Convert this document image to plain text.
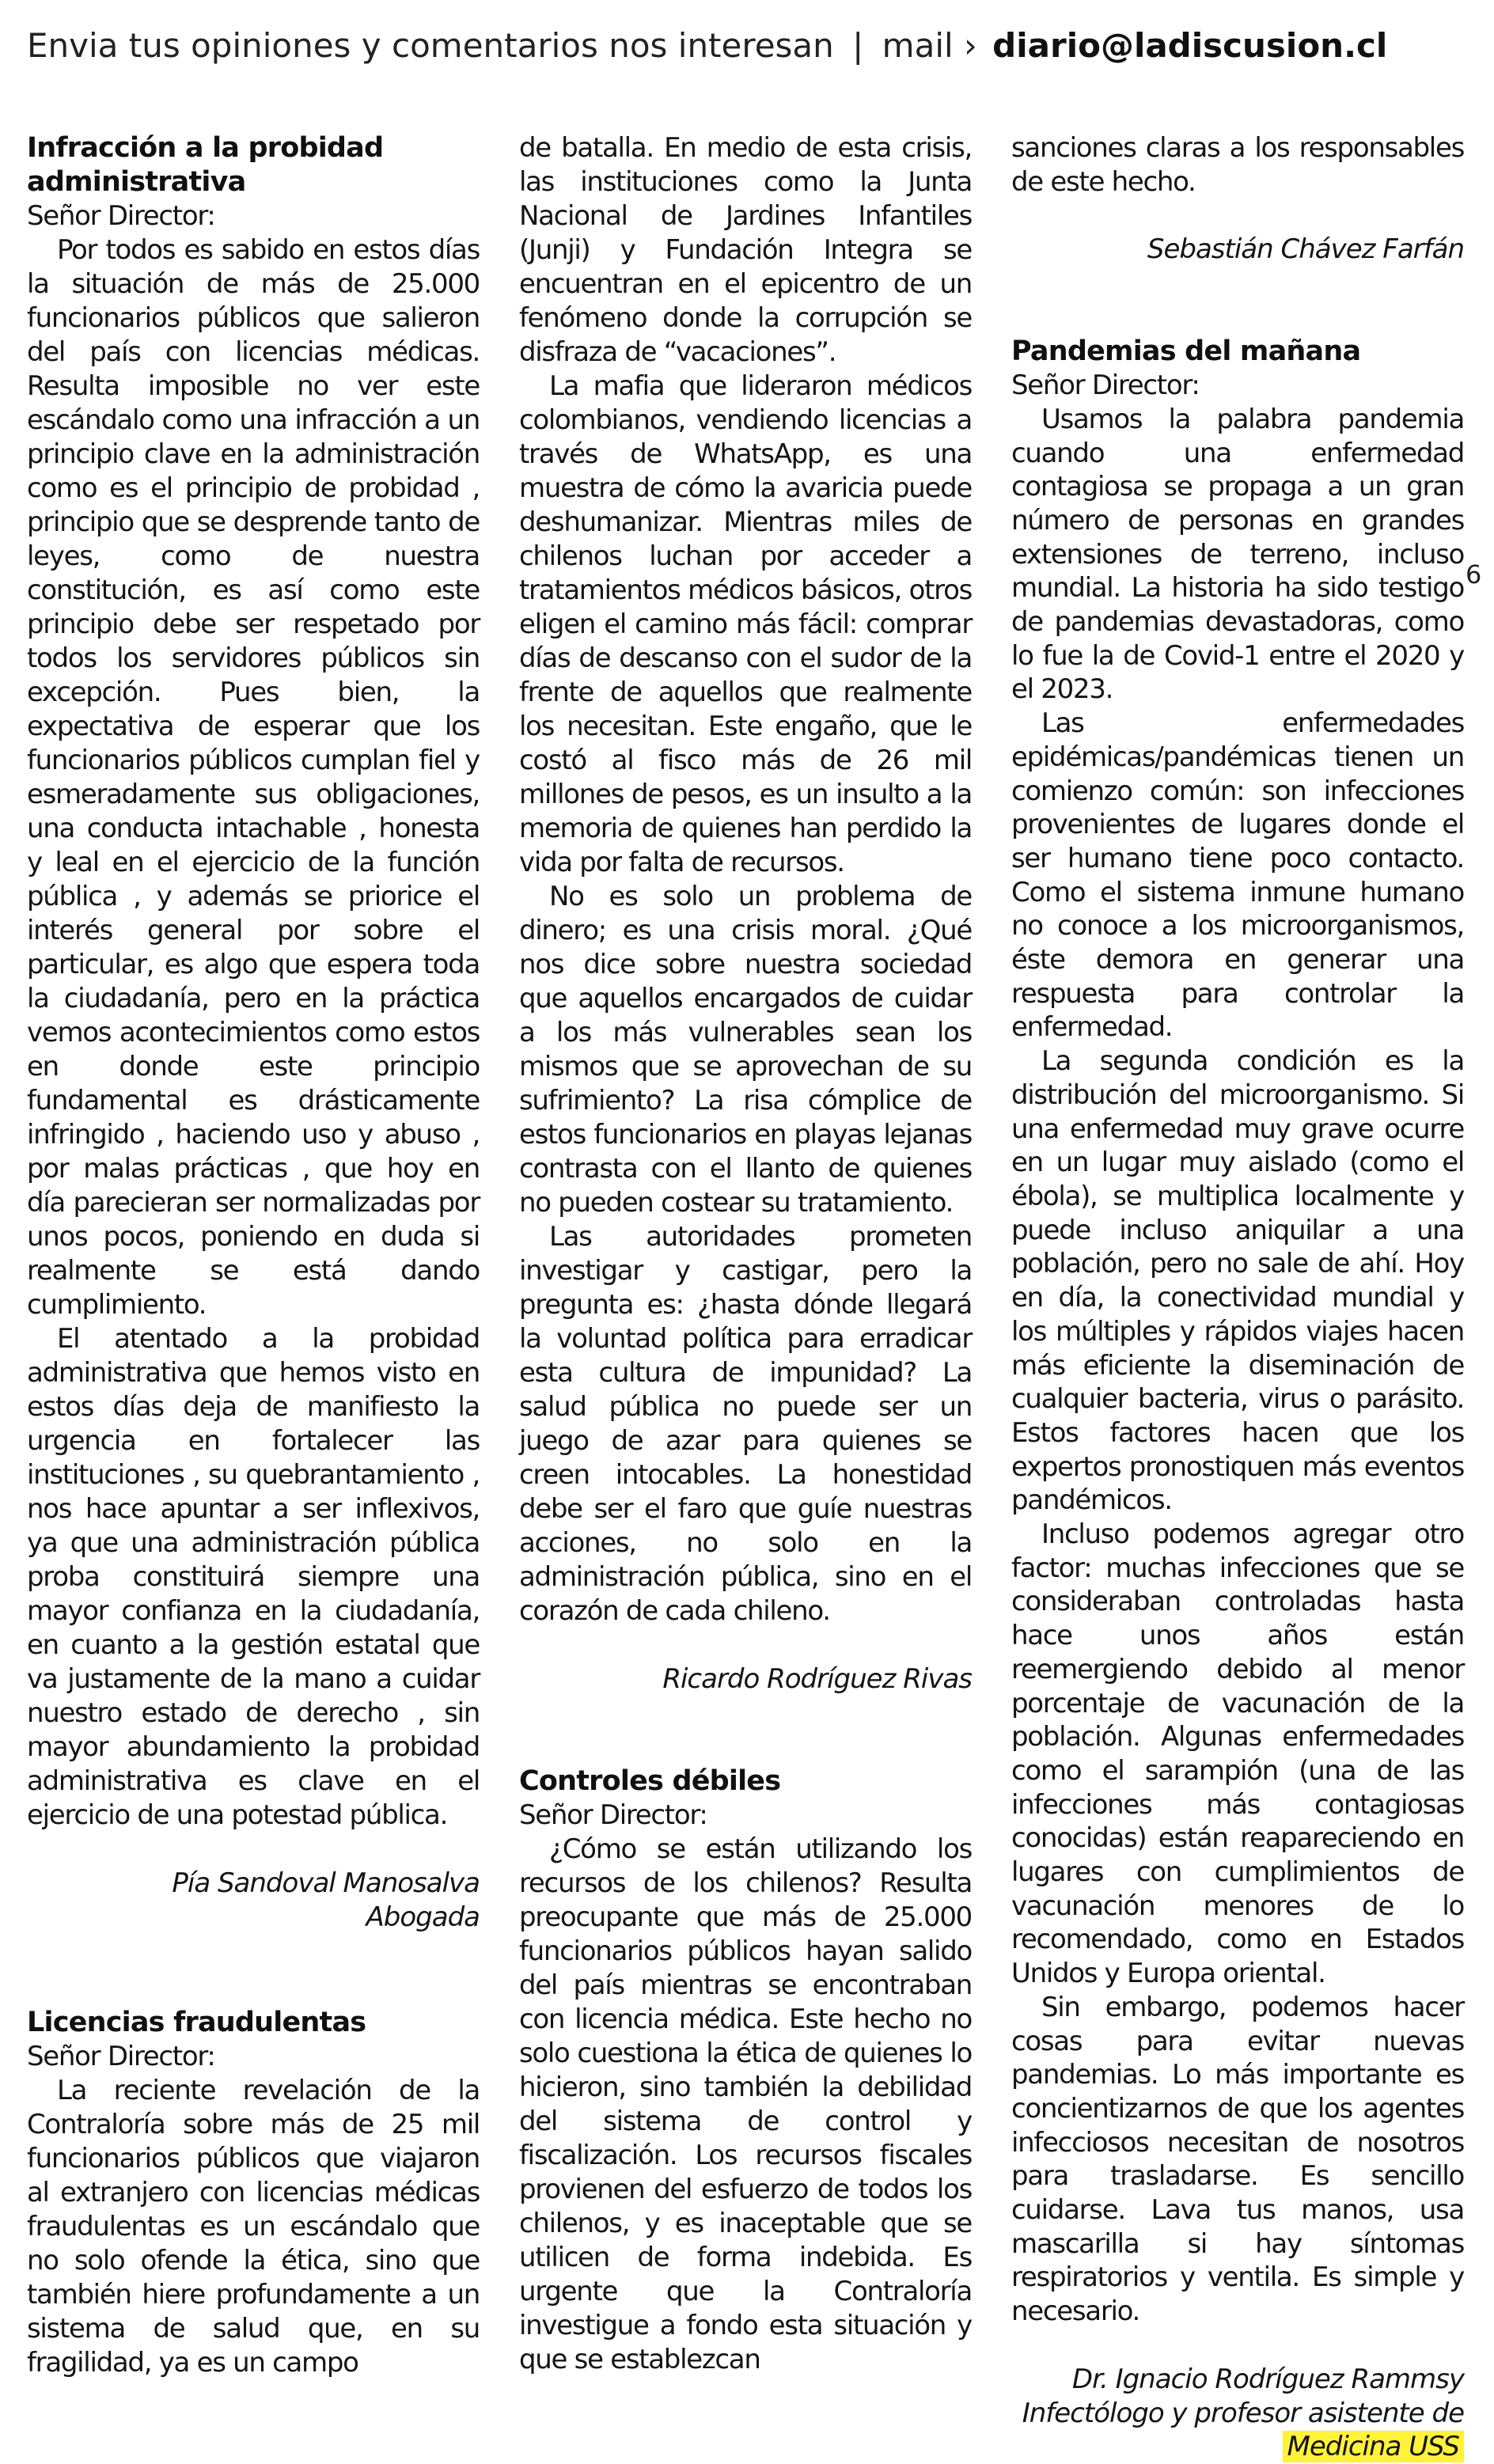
Envia tus opiniones y comentarios nos interesan | mail › diario@ladiscusion.cl
Infracción a la probidad administrativa
Señor Director:

Por todos es sabido en estos días la situación de más de 25.000 funcionarios públicos que salieron del país con licencias médicas. Resulta imposible no ver este escándalo como una infracción a un principio clave en la administración como es el principio de probidad , principio que se desprende tanto de leyes, como de nuestra constitución, es así como este principio debe ser respetado por todos los servidores públicos sin excepción. Pues bien, la expectativa de esperar que los funcionarios públicos cumplan fiel y esmeradamente sus obligaciones, una conducta intachable , honesta y leal en el ejercicio de la función pública , y además se priorice el interés general por sobre el particular, es algo que espera toda la ciudadanía, pero en la práctica vemos acontecimientos como estos en donde este principio fundamental es drásticamente infringido , haciendo uso y abuso , por malas prácticas , que hoy en día parecieran ser normalizadas por unos pocos, poniendo en duda si realmente se está dando cumplimiento.

El atentado a la probidad administrativa que hemos visto en estos días deja de manifiesto la urgencia en fortalecer las instituciones , su quebrantamiento , nos hace apuntar a ser inflexivos, ya que una administración pública proba constituirá siempre una mayor confianza en la ciudadanía, en cuanto a la gestión estatal que va justamente de la mano a cuidar nuestro estado de derecho , sin mayor abundamiento la probidad administrativa es clave en el ejercicio de una potestad pública.

Pía Sandoval Manosalva
Abogada
Licencias fraudulentas
Señor Director:

La reciente revelación de la Contraloría sobre más de 25 mil funcionarios públicos que viajaron al extranjero con licencias médicas fraudulentas es un escándalo que no solo ofende la ética, sino que también hiere profundamente a un sistema de salud que, en su fragilidad, ya es un campo

de batalla. En medio de esta crisis, las instituciones como la Junta Nacional de Jardines Infantiles (Junji) y Fundación Integra se encuentran en el epicentro de un fenómeno donde la corrupción se disfraza de “vacaciones”.

La mafia que lideraron médicos colombianos, vendiendo licencias a través de WhatsApp, es una muestra de cómo la avaricia puede deshumanizar. Mientras miles de chilenos luchan por acceder a tratamientos médicos básicos, otros eligen el camino más fácil: comprar días de descanso con el sudor de la frente de aquellos que realmente los necesitan. Este engaño, que le costó al fisco más de 26 mil millones de pesos, es un insulto a la memoria de quienes han perdido la vida por falta de recursos.

No es solo un problema de dinero; es una crisis moral. ¿Qué nos dice sobre nuestra sociedad que aquellos encargados de cuidar a los más vulnerables sean los mismos que se aprovechan de su sufrimiento? La risa cómplice de estos funcionarios en playas lejanas contrasta con el llanto de quienes no pueden costear su tratamiento.

Las autoridades prometen investigar y castigar, pero la pregunta es: ¿hasta dónde llegará la voluntad política para erradicar esta cultura de impunidad? La salud pública no puede ser un juego de azar para quienes se creen intocables. La honestidad debe ser el faro que guíe nuestras acciones, no solo en la administración pública, sino en el corazón de cada chileno.

Ricardo Rodríguez Rivas
Controles débiles
Señor Director:

¿Cómo se están utilizando los recursos de los chilenos? Resulta preocupante que más de 25.000 funcionarios públicos hayan salido del país mientras se encontraban con licencia médica. Este hecho no solo cuestiona la ética de quienes lo hicieron, sino también la debilidad del sistema de control y fiscalización. Los recursos fiscales provienen del esfuerzo de todos los chilenos, y es inaceptable que se utilicen de forma indebida. Es urgente que la Contraloría investigue a fondo esta situación y que se establezcan

sanciones claras a los responsables de este hecho.

Sebastián Chávez Farfán
Pandemias del mañana
Señor Director:

Usamos la palabra pandemia cuando una enfermedad contagiosa se propaga a un gran número de personas en grandes extensiones de terreno, incluso mundial. La historia ha sido testigo de pandemias devastadoras, como lo fue la de Covid-1 entre el 2020 y el 2023.

Las enfermedades epidémicas/pandémicas tienen un comienzo común: son infecciones provenientes de lugares donde el ser humano tiene poco contacto. Como el sistema inmune humano no conoce a los microorganismos, éste demora en generar una respuesta para controlar la enfermedad.

La segunda condición es la distribución del microorganismo. Si una enfermedad muy grave ocurre en un lugar muy aislado (como el ébola), se multiplica localmente y puede incluso aniquilar a una población, pero no sale de ahí. Hoy en día, la conectividad mundial y los múltiples y rápidos viajes hacen más eficiente la diseminación de cualquier bacteria, virus o parásito. Estos factores hacen que los expertos pronostiquen más eventos pandémicos.

Incluso podemos agregar otro factor: muchas infecciones que se consideraban controladas hasta hace unos años están reemergiendo debido al menor porcentaje de vacunación de la población. Algunas enfermedades como el sarampión (una de las infecciones más contagiosas conocidas) están reapareciendo en lugares con cumplimientos de vacunación menores de lo recomendado, como en Estados Unidos y Europa oriental.

Sin embargo, podemos hacer cosas para evitar nuevas pandemias. Lo más importante es concientizarnos de que los agentes infecciosos necesitan de nosotros para trasladarse. Es sencillo cuidarse. Lava tus manos, usa mascarilla si hay síntomas respiratorios y ventila. Es simple y necesario.

Dr. Ignacio Rodríguez Rammsy
Infectólogo y profesor asistente de
Medicina USS
6
